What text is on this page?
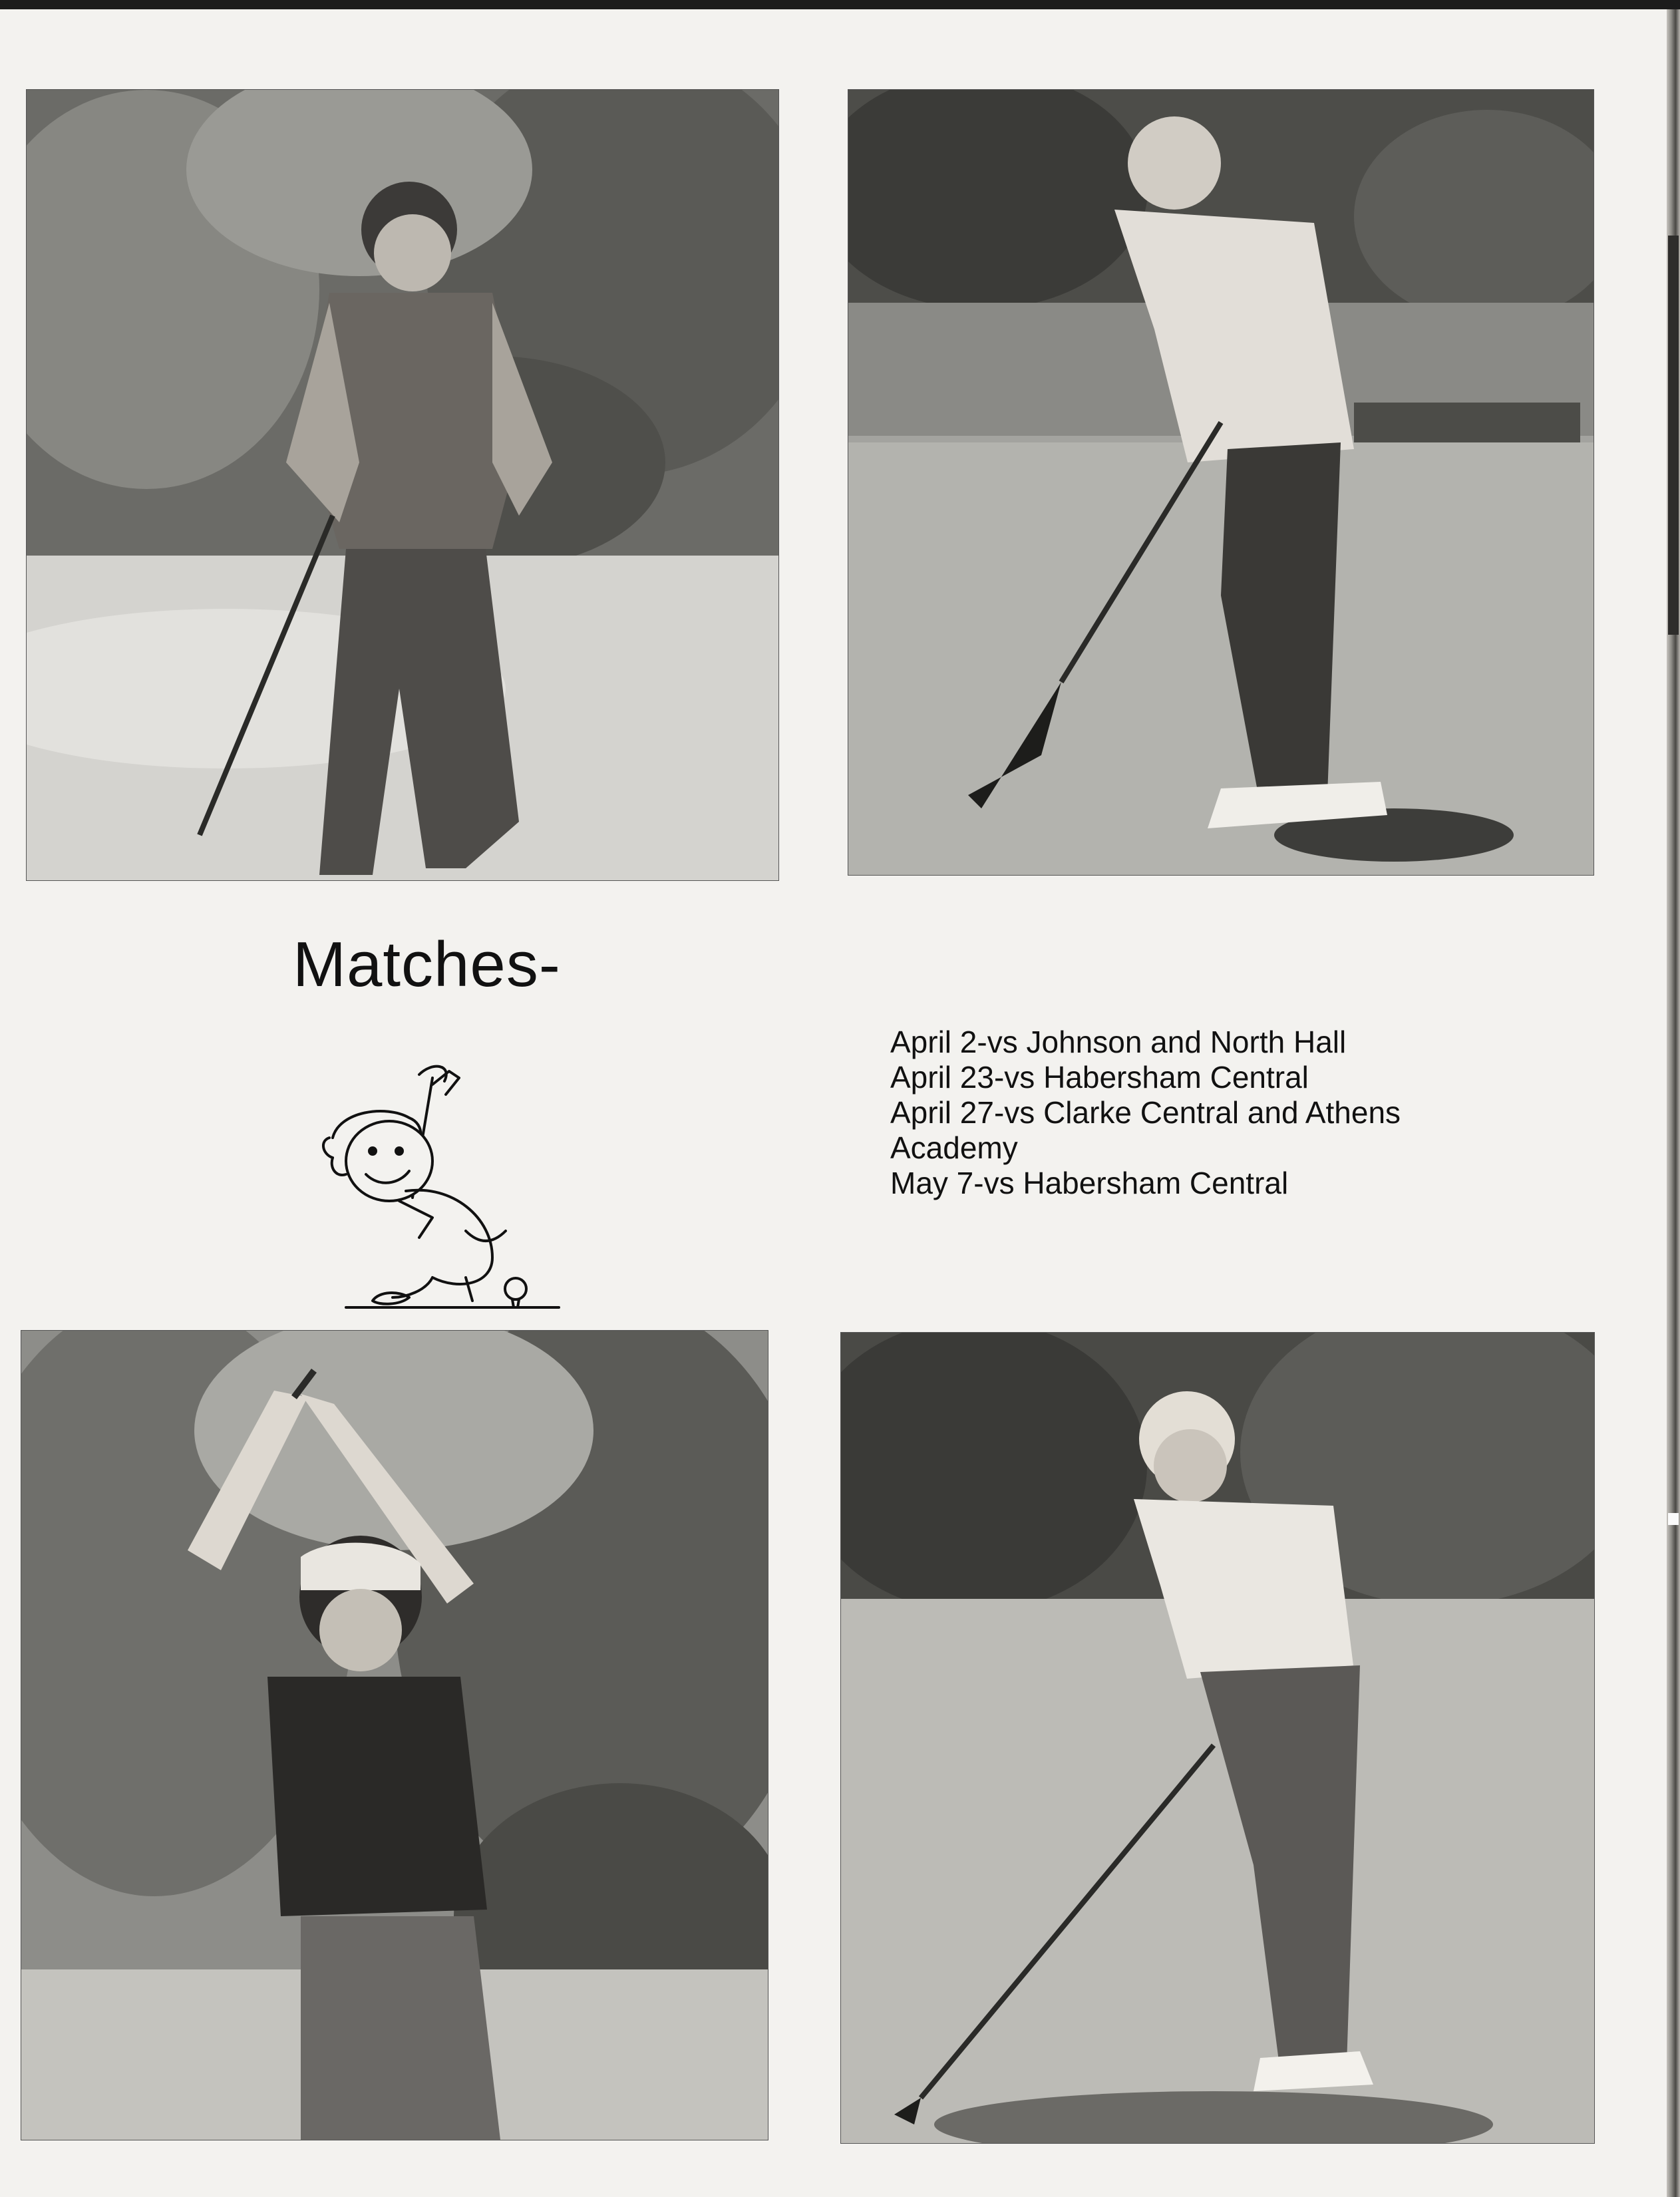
Matches-
April 2-vs Johnson and North Hall
April 23-vs Habersham Central
April 27-vs Clarke Central and Athens
Academy
May 7-vs Habersham Central
